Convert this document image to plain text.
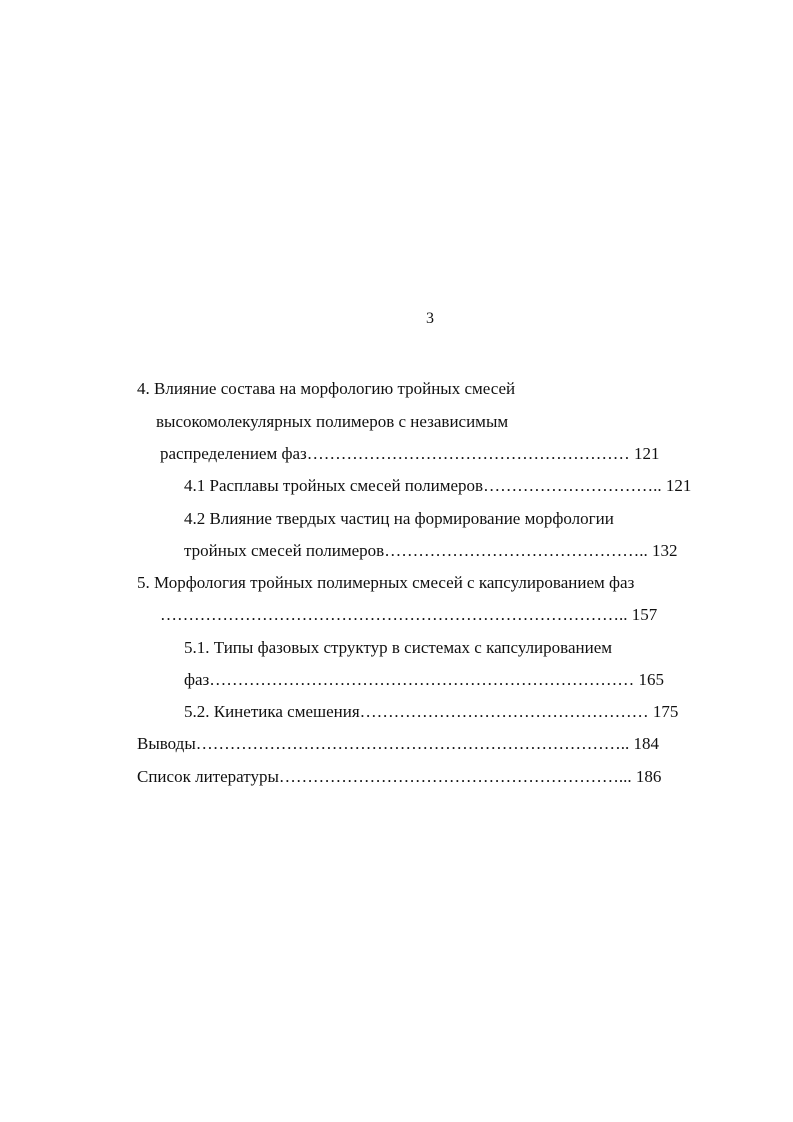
3
4. Влияние состава на морфологию тройных смесей
высокомолекулярных полимеров с независимым
распределением фаз………………………………………………… 121
4.1 Расплавы тройных смесей полимеров………………………….. 121
4.2 Влияние твердых частиц на формирование морфологии
тройных смесей полимеров……………………………………….. 132
5. Морфология тройных полимерных смесей с капсулированием фаз
……………………………………………………………………….. 157
5.1. Типы фазовых структур в системах с капсулированием
фаз………………………………………………………………… 165
5.2. Кинетика смешения…………………………………………… 175
Выводы………………………………………………………………….. 184
Список литературы……………………………………………………... 186
